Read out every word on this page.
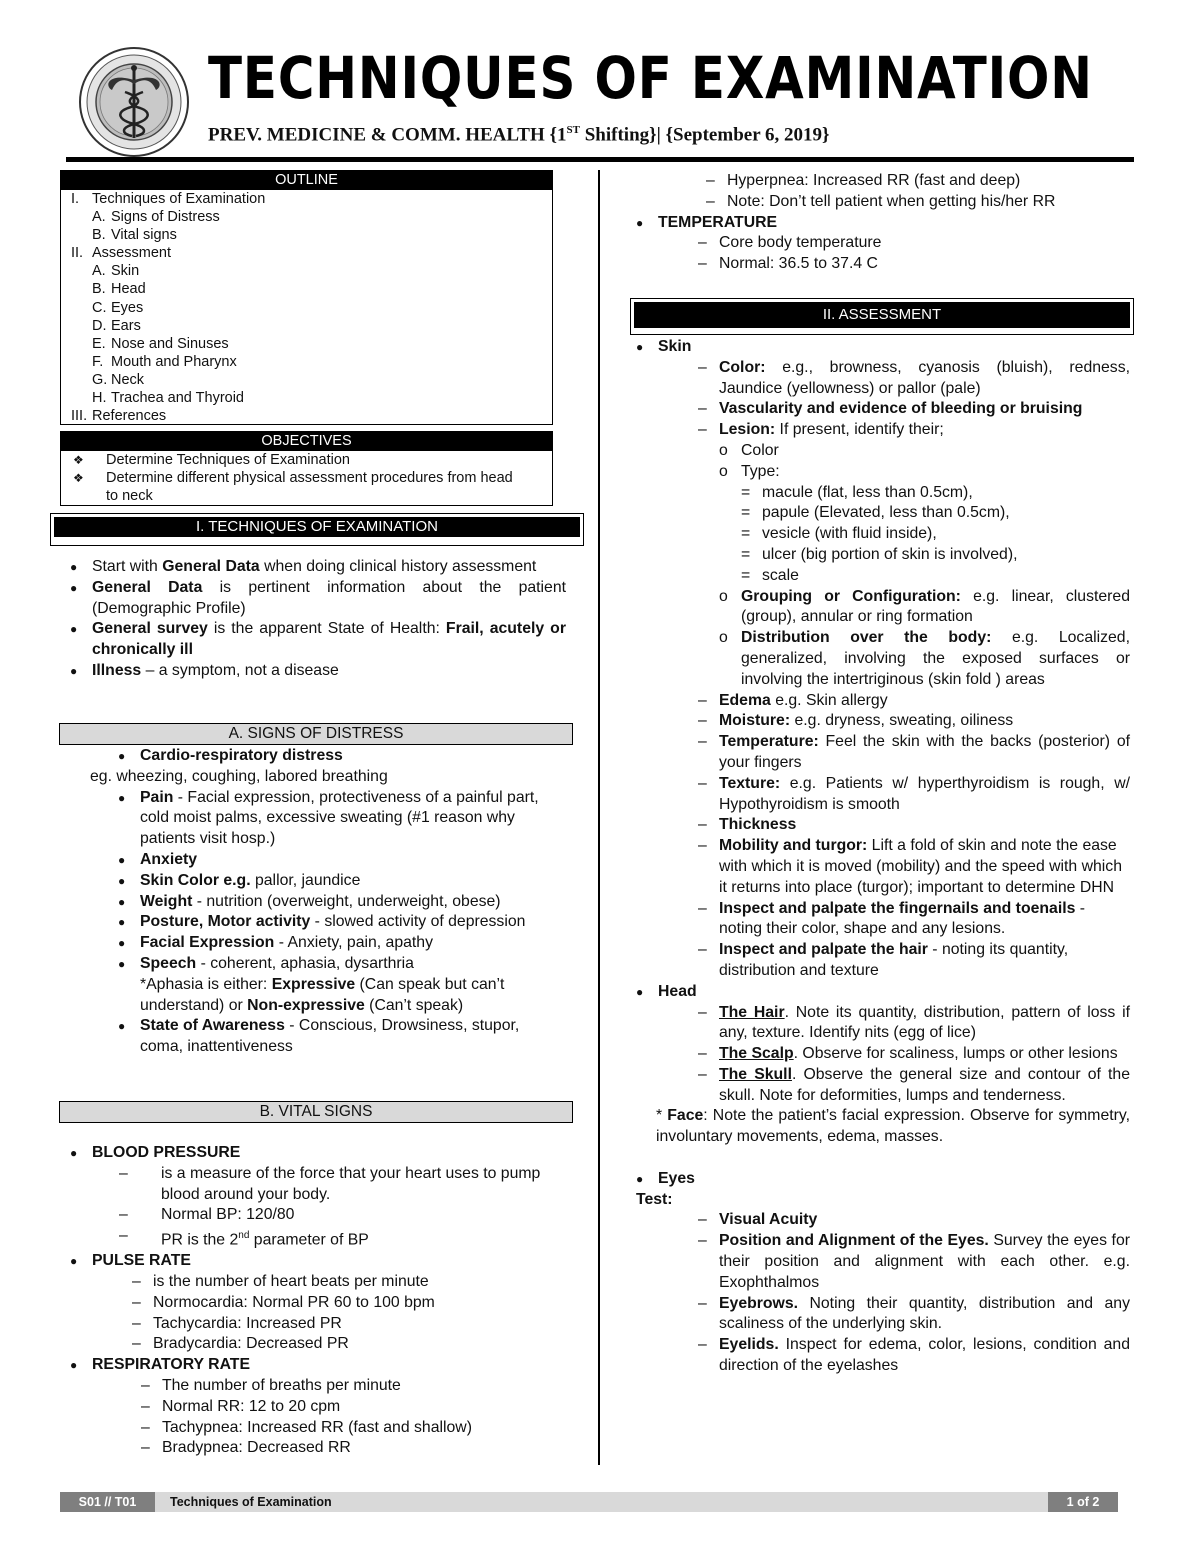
TECHNIQUES OF EXAMINATION
PREV. MEDICINE & COMM. HEALTH {1ST Shifting}| {September 6, 2019}
OUTLINE
I. Techniques of Examination
A. Signs of Distress
B. Vital signs
II. Assessment
A. Skin
B. Head
C. Eyes
D. Ears
E. Nose and Sinuses
F. Mouth and Pharynx
G. Neck
H. Trachea and Thyroid
III. References
OBJECTIVES
❖	Determine Techniques of Examination
❖	Determine different physical assessment procedures from head to neck
I. TECHNIQUES OF EXAMINATION
● Start with General Data when doing clinical history assessment
● General Data is pertinent information about the patient (Demographic Profile)
● General survey is the apparent State of Health: Frail, acutely or chronically ill
● Illness – a symptom, not a disease
A. SIGNS OF DISTRESS
● Cardio-respiratory distress
eg. wheezing, coughing, labored breathing
● Pain - Facial expression, protectiveness of a painful part, cold moist palms, excessive sweating (#1 reason why patients visit hosp.)
● Anxiety
● Skin Color e.g. pallor, jaundice
● Weight - nutrition (overweight, underweight, obese)
● Posture, Motor activity - slowed activity of depression
● Facial Expression - Anxiety, pain, apathy
● Speech - coherent, aphasia, dysarthria
*Aphasia is either: Expressive (Can speak but can’t understand) or Non-expressive (Can’t speak)
● State of Awareness - Conscious, Drowsiness, stupor, coma, inattentiveness
B. VITAL SIGNS
● BLOOD PRESSURE
–	is a measure of the force that your heart uses to pump blood around your body.
–	Normal BP: 120/80
–	PR is the 2nd parameter of BP
● PULSE RATE
– is the number of heart beats per minute
– Normocardia: Normal PR 60 to 100 bpm
– Tachycardia: Increased PR
– Bradycardia: Decreased PR
● RESPIRATORY RATE
– The number of breaths per minute
– Normal RR: 12 to 20 cpm
– Tachypnea: Increased RR (fast and shallow)
– Bradypnea: Decreased RR
– Hyperpnea: Increased RR (fast and deep)
– Note: Don’t tell patient when getting his/her RR
● TEMPERATURE
– Core body temperature
– Normal: 36.5 to 37.4 C
II. ASSESSMENT
● Skin
– Color: e.g., browness, cyanosis (bluish), redness, Jaundice (yellowness) or pallor (pale)
– Vascularity and evidence of bleeding or bruising
– Lesion: If present, identify their;
o Color
o Type:
= macule (flat, less than 0.5cm),
= papule (Elevated, less than 0.5cm),
= vesicle (with fluid inside),
= ulcer (big portion of skin is involved),
= scale
o Grouping or Configuration: e.g. linear, clustered (group), annular or ring formation
o Distribution over the body: e.g. Localized, generalized, involving the exposed surfaces or involving the intertriginous (skin fold ) areas
– Edema e.g. Skin allergy
– Moisture: e.g. dryness, sweating, oiliness
– Temperature: Feel the skin with the backs (posterior) of your fingers
– Texture: e.g. Patients w/ hyperthyroidism is rough, w/ Hypothyroidism is smooth
– Thickness
– Mobility and turgor: Lift a fold of skin and note the ease with which it is moved (mobility) and the speed with which it returns into place (turgor); important to determine DHN
– Inspect and palpate the fingernails and toenails - noting their color, shape and any lesions.
– Inspect and palpate the hair - noting its quantity, distribution and texture
● Head
– The Hair. Note its quantity, distribution, pattern of loss if any, texture. Identify nits (egg of lice)
– The Scalp. Observe for scaliness, lumps or other lesions
– The Skull. Observe the general size and contour of the skull. Note for deformities, lumps and tenderness.
* Face: Note the patient’s facial expression. Observe for symmetry, involuntary movements, edema, masses.
● Eyes
Test:
– Visual Acuity
– Position and Alignment of the Eyes. Survey the eyes for their position and alignment with each other. e.g. Exophthalmos
– Eyebrows. Noting their quantity, distribution and any scaliness of the underlying skin.
– Eyelids. Inspect for edema, color, lesions, condition and direction of the eyelashes
S01 // T01	Techniques of Examination	1 of 2
